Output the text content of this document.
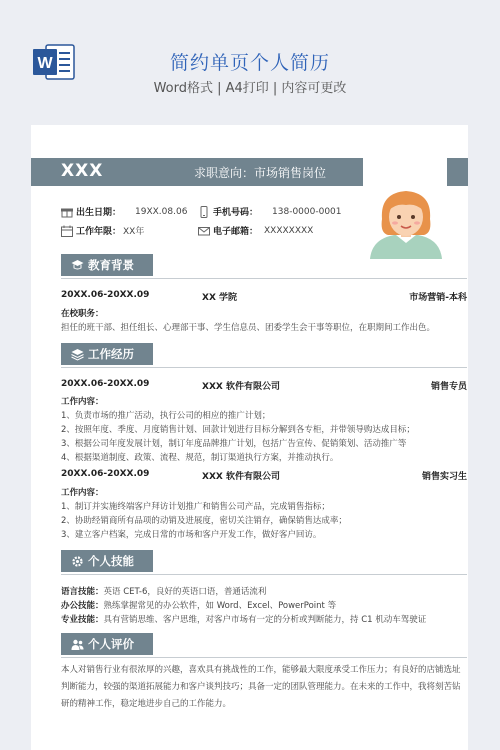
W	简约单页个人简历
Word格式 | A4打印 | 内容可更改
XXX	求职意向：市场销售岗位
出生日期： 19XX.08.06	手机号码： 138-0000-0001
工作年限： XX年	电子邮箱： XXXXXXXX
教育背景
20XX.06-20XX.09	XX 学院	市场营销-本科
在校职务：
担任的班干部、担任组长、心理部干事、学生信息员、团委学生会干事等职位，在职期间工作出色。
工作经历
20XX.06-20XX.09	XXX 软件有限公司	销售专员
工作内容：
1、负责市场的推广活动，执行公司的相应的推广计划；
2、按照年度、季度、月度销售计划、回款计划进行目标分解到各专柜，并带领导购达成目标；
3、根据公司年度发展计划，制订年度品牌推广计划，包括广告宣传、促销策划、活动推广等
4、根据渠道制度、政策、流程、规范，制订渠道执行方案，并推动执行。
20XX.06-20XX.09	XXX 软件有限公司	销售实习生
工作内容：
1、制订并实施终端客户拜访计划推广和销售公司产品，完成销售指标；
2、协助经销商所有品项的动销及进展度，密切关注销存，确保销售达成率；
3、建立客户档案，完成日常的市场和客户开发工作，做好客户回访。
个人技能
语言技能：英语 CET-6，良好的英语口语，普通话流利
办公技能：熟练掌握常见的办公软件，如 Word、Excel、PowerPoint 等
专业技能：具有营销思维、客户思维，对客户市场有一定的分析或判断能力，持 C1 机动车驾驶证
个人评价
本人对销售行业有很浓厚的兴趣，喜欢具有挑战性的工作，能够最大限度承受工作压力；有良好的店铺选址判断能力，较强的渠道拓展能力和客户谈判技巧；具备一定的团队管理能力。在未来的工作中，我将刻苦钻研的精神工作，稳定地进步自己的工作能力。
